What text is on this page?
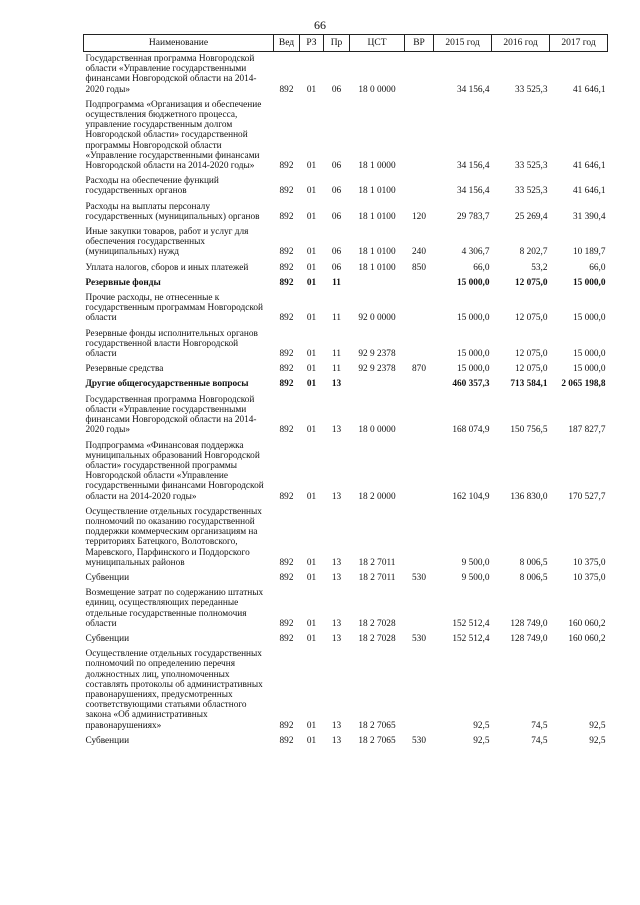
66
Наименование	Вед	РЗ	Пр	ЦСТ	ВР	2015 год	2016 год	2017 год
Государственная программа Новгородской области «Управление государственными финансами Новгородской области на 2014-2020 годы»	892	01	06	18 0 0000		34 156,4	33 525,3	41 646,1
Подпрограмма «Организация и обеспечение осуществления бюджетного процесса, управление государственным долгом Новгородской области» государственной программы Новгородской области «Управление государственными финансами Новгородской области на 2014-2020 годы»	892	01	06	18 1 0000		34 156,4	33 525,3	41 646,1
Расходы на обеспечение функций государственных органов	892	01	06	18 1 0100		34 156,4	33 525,3	41 646,1
Расходы на выплаты персоналу государственных (муниципальных) органов	892	01	06	18 1 0100	120	29 783,7	25 269,4	31 390,4
Иные закупки товаров, работ и услуг для обеспечения государственных (муниципальных) нужд	892	01	06	18 1 0100	240	4 306,7	8 202,7	10 189,7
Уплата налогов, сборов и иных платежей	892	01	06	18 1 0100	850	66,0	53,2	66,0
Резервные фонды	892	01	11			15 000,0	12 075,0	15 000,0
Прочие расходы, не отнесенные к государственным программам Новгородской области	892	01	11	92 0 0000		15 000,0	12 075,0	15 000,0
Резервные фонды исполнительных органов государственной власти Новгородской области	892	01	11	92 9 2378		15 000,0	12 075,0	15 000,0
Резервные средства	892	01	11	92 9 2378	870	15 000,0	12 075,0	15 000,0
Другие общегосударственные вопросы	892	01	13			460 357,3	713 584,1	2 065 198,8
Государственная программа Новгородской области «Управление государственными финансами Новгородской области на 2014-2020 годы»	892	01	13	18 0 0000		168 074,9	150 756,5	187 827,7
Подпрограмма «Финансовая поддержка муниципальных образований Новгородской области» государственной программы Новгородской области «Управление государственными финансами Новгородской области на 2014-2020 годы»	892	01	13	18 2 0000		162 104,9	136 830,0	170 527,7
Осуществление отдельных государственных полномочий по оказанию государственной поддержки коммерческим организациям на территориях Батецкого, Волотовского, Маревского, Парфинского и Поддорского муниципальных районов	892	01	13	18 2 7011		9 500,0	8 006,5	10 375,0
Субвенции	892	01	13	18 2 7011	530	9 500,0	8 006,5	10 375,0
Возмещение затрат по содержанию штатных единиц, осуществляющих переданные отдельные государственные полномочия области	892	01	13	18 2 7028		152 512,4	128 749,0	160 060,2
Субвенции	892	01	13	18 2 7028	530	152 512,4	128 749,0	160 060,2
Осуществление отдельных государственных полномочий по определению перечня должностных лиц, уполномоченных составлять протоколы об административных правонарушениях, предусмотренных соответствующими статьями областного закона «Об административных правонарушениях»	892	01	13	18 2 7065		92,5	74,5	92,5
Субвенции	892	01	13	18 2 7065	530	92,5	74,5	92,5
